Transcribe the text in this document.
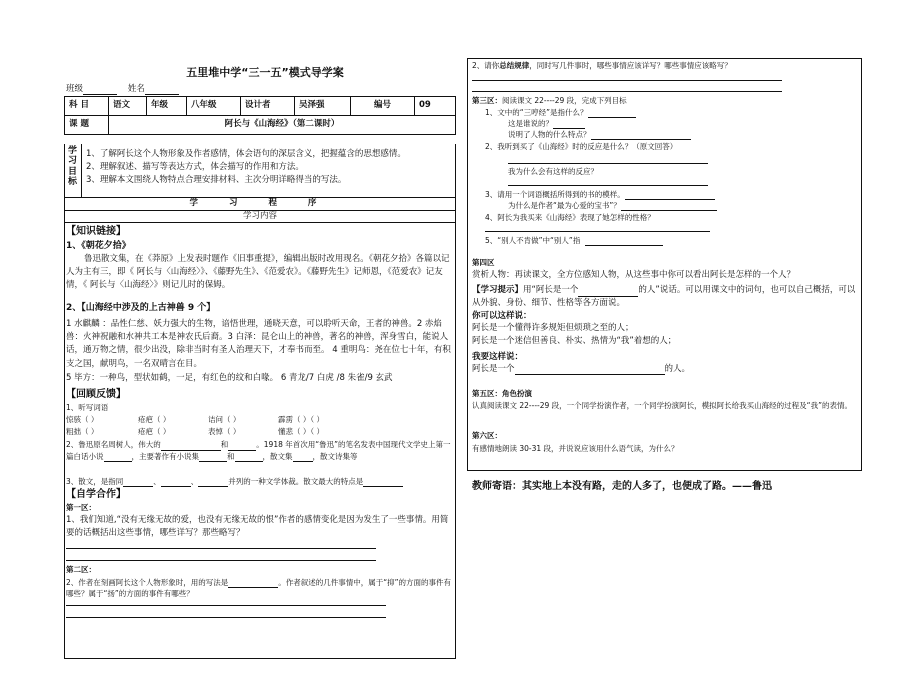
五里堆中学“三一五”模式导学案
班级	姓名
科 目	语文	年级	八年级	设计者	吴泽强	编号	09
课 题	阿长与《山海经》（第二课时）						
学
习
目
标
1、了解阿长这个人物形象及作者感情，体会语句的深层含义，把握蕴含的思想感情。
2、理解叙述、描写等表达方式，体会描写的作用和方法。
3、理解本文围绕人物特点合理安排材料、主次分明详略得当的写法。
学 习 程 序
学习内容
【知识链接】
1、《朝花夕拾》
鲁迅散文集，在《莽原》上发表时题作《旧事重提》，编辑出版时改用现名。《朝花夕拾》各篇以记人为主有三，即《 阿长与〈山海经〉》、《藤野先生》、《范爱农》。《藤野先生》记师恩，《范爱农》记友情，《 阿长与〈山海经〉》则记儿时的保姆。
2、【山海经中涉及的上古神兽 9 个】
1 水麒麟 ：品性仁慈、妖力强大的生物，谙悟世理，通晓天意，可以聆听天命，王者的神兽。2 赤焰兽：火神祝融和水神共工本是神农氏后裔。3 白泽：昆仑山上的神兽，著名的神兽，浑身雪白，能说人话，通万物之情，很少出没，除非当时有圣人治理天下，才奉书而至。 4 重明鸟：尧在位七十年，有积支之国，献明鸟，一名双晴言在目。
5 毕方：一种鸟，型状如鹤，一足，有红色的纹和白喙。 6 青龙/7 白虎 /8 朱雀/9 玄武
【回顾反馈】
1、听写词语
惊骇（ ）	疮疤（ ）	诘问（ ）	霹雳（ ）（ ）
粗拙（ ）	疮疤（ ）	表悼（ ）	懂悲（ ）（ ）
2、鲁迅原名周树人，伟大的	和	。1918 年首次用“鲁迅”的笔名发表中国现代文学史上第一篇白话小说	，主要著作有小说集	和	，散文集	，散文诗集等
3、散文，是指同	、	、	并列的一种文学体裁。散文最大的特点是
【自学合作】
第一区：
1、我们知道,“没有无缘无故的爱，也没有无缘无故的恨”作者的感情变化是因为发生了一些事情。用简要的话概括出这些事情，哪些详写？那些略写？
第二区：
2、作者在刻画阿长这个人物形象时，用的写法是	。作者叙述的几件事情中，属于“抑”的方面的事件有哪些？属于“扬”的方面的事件有哪些？
2、请你总结规律，同时写几件事时，哪些事情应该详写？哪些事情应该略写？
第三区：阅读课文 22----29 段，完成下列目标
1、文中的“三哼经”是指什么？
这是谁说的？
说明了人物的什么特点？
2、我听到买了《山海经》时的反应是什么？（原文回答）
我为什么会有这样的反应？
3、请用一个词语概括所得到的书的模样。
为什么是作者“最为心爱的宝书”？
4、阿长为我买来《山海经》表现了她怎样的性格？
5、“别人不肯做”中“别人”指
第四区
赏析人物：再读课文，全方位感知人物，从这些事中你可以看出阿长是怎样的一个人？
【学习提示】用“阿长是一个	的人”说话。可以用课文中的词句，也可以自己概括，可以从外貌、身份、细节、性格等各方面说。
你可以这样说：
阿长是一个懂得许多规矩但烦琐之至的人；
阿长是一个迷信但善良、朴实、热情为“我”着想的人；
我要这样说：
阿长是一个	的人。
第五区：角色扮演
认真阅读课文 22----29 段，一个同学扮演作者，一个同学扮演阿长，模拟阿长给我买山海经的过程及“我”的表情。
第六区：
有感情地朗读 30-31 段，并说说应该用什么语气读，为什么？
教师寄语：其实地上本没有路，走的人多了，也便成了路。——鲁迅
